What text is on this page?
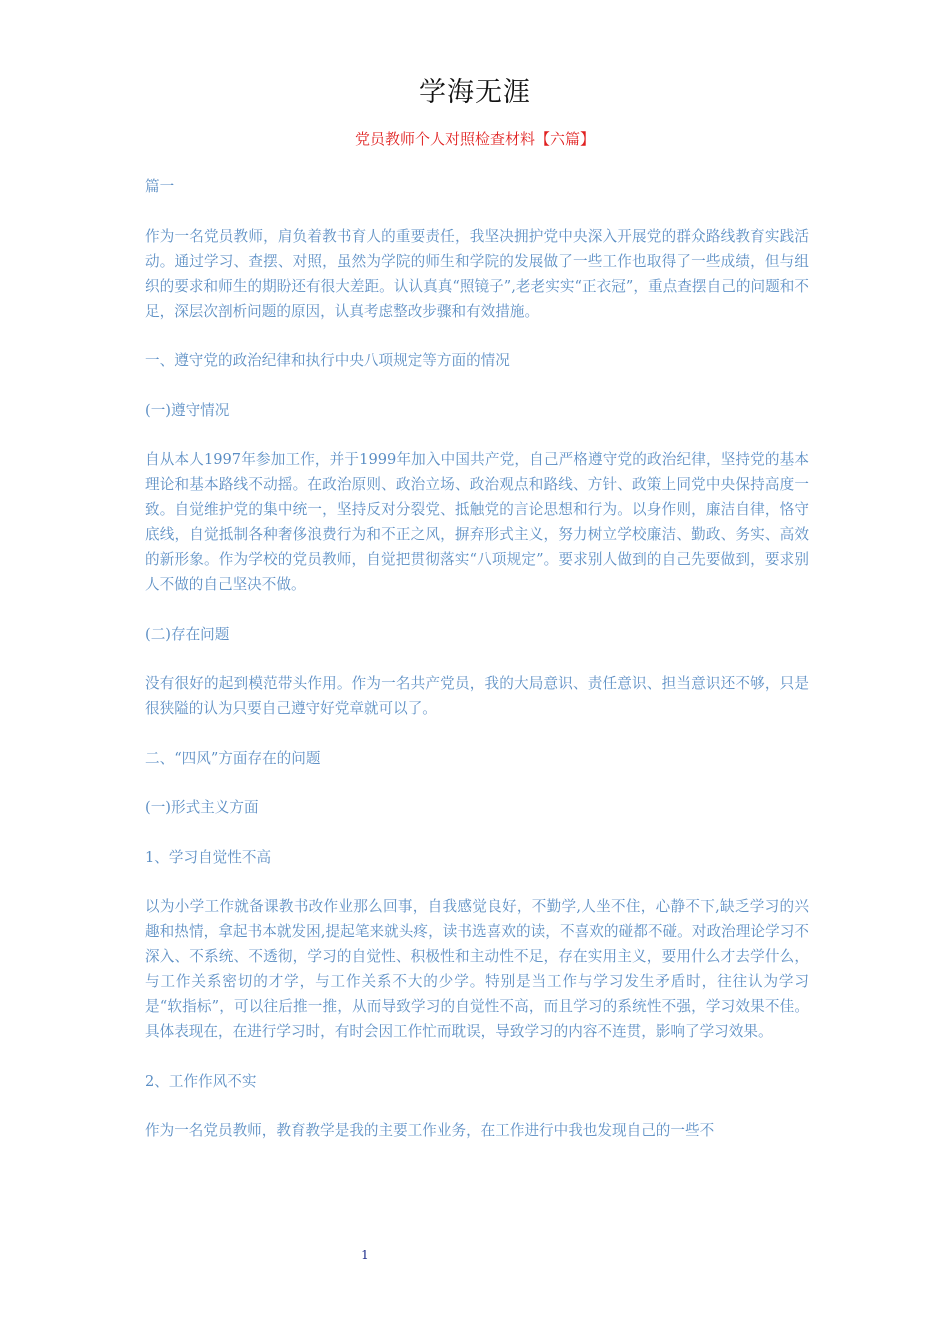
学海无涯
党员教师个人对照检查材料【六篇】

篇一

作为一名党员教师，肩负着教书育人的重要责任，我坚决拥护党中央深入开展党的群众路线教育实践活动。通过学习、查摆、对照，虽然为学院的师生和学院的发展做了一些工作也取得了一些成绩，但与组织的要求和师生的期盼还有很大差距。认认真真“照镜子”,老老实实“正衣冠”，重点查摆自己的问题和不足，深层次剖析问题的原因，认真考虑整改步骤和有效措施。

一、遵守党的政治纪律和执行中央八项规定等方面的情况

(一)遵守情况

自从本人1997年参加工作，并于1999年加入中国共产党，自己严格遵守党的政治纪律，坚持党的基本理论和基本路线不动摇。在政治原则、政治立场、政治观点和路线、方针、政策上同党中央保持高度一致。自觉维护党的集中统一，坚持反对分裂党、抵触党的言论思想和行为。以身作则，廉洁自律，恪守底线，自觉抵制各种奢侈浪费行为和不正之风，摒弃形式主义，努力树立学校廉洁、勤政、务实、高效的新形象。作为学校的党员教师，自觉把贯彻落实“八项规定”。要求别人做到的自己先要做到，要求别人不做的自己坚决不做。

(二)存在问题

没有很好的起到模范带头作用。作为一名共产党员，我的大局意识、责任意识、担当意识还不够，只是很狭隘的认为只要自己遵守好党章就可以了。

二、“四风”方面存在的问题

(一)形式主义方面

1、学习自觉性不高

以为小学工作就备课教书改作业那么回事，自我感觉良好，不勤学,人坐不住，心静不下,缺乏学习的兴趣和热情，拿起书本就发困,提起笔来就头疼，读书选喜欢的读，不喜欢的碰都不碰。对政治理论学习不深入、不系统、不透彻，学习的自觉性、积极性和主动性不足，存在实用主义，要用什么才去学什么，与工作关系密切的才学，与工作关系不大的少学。特别是当工作与学习发生矛盾时，往往认为学习是“软指标”，可以往后推一推，从而导致学习的自觉性不高，而且学习的系统性不强，学习效果不佳。具体表现在，在进行学习时，有时会因工作忙而耽误，导致学习的内容不连贯，影响了学习效果。

2、工作作风不实

作为一名党员教师，教育教学是我的主要工作业务，在工作进行中我也发现自己的一些不

1
